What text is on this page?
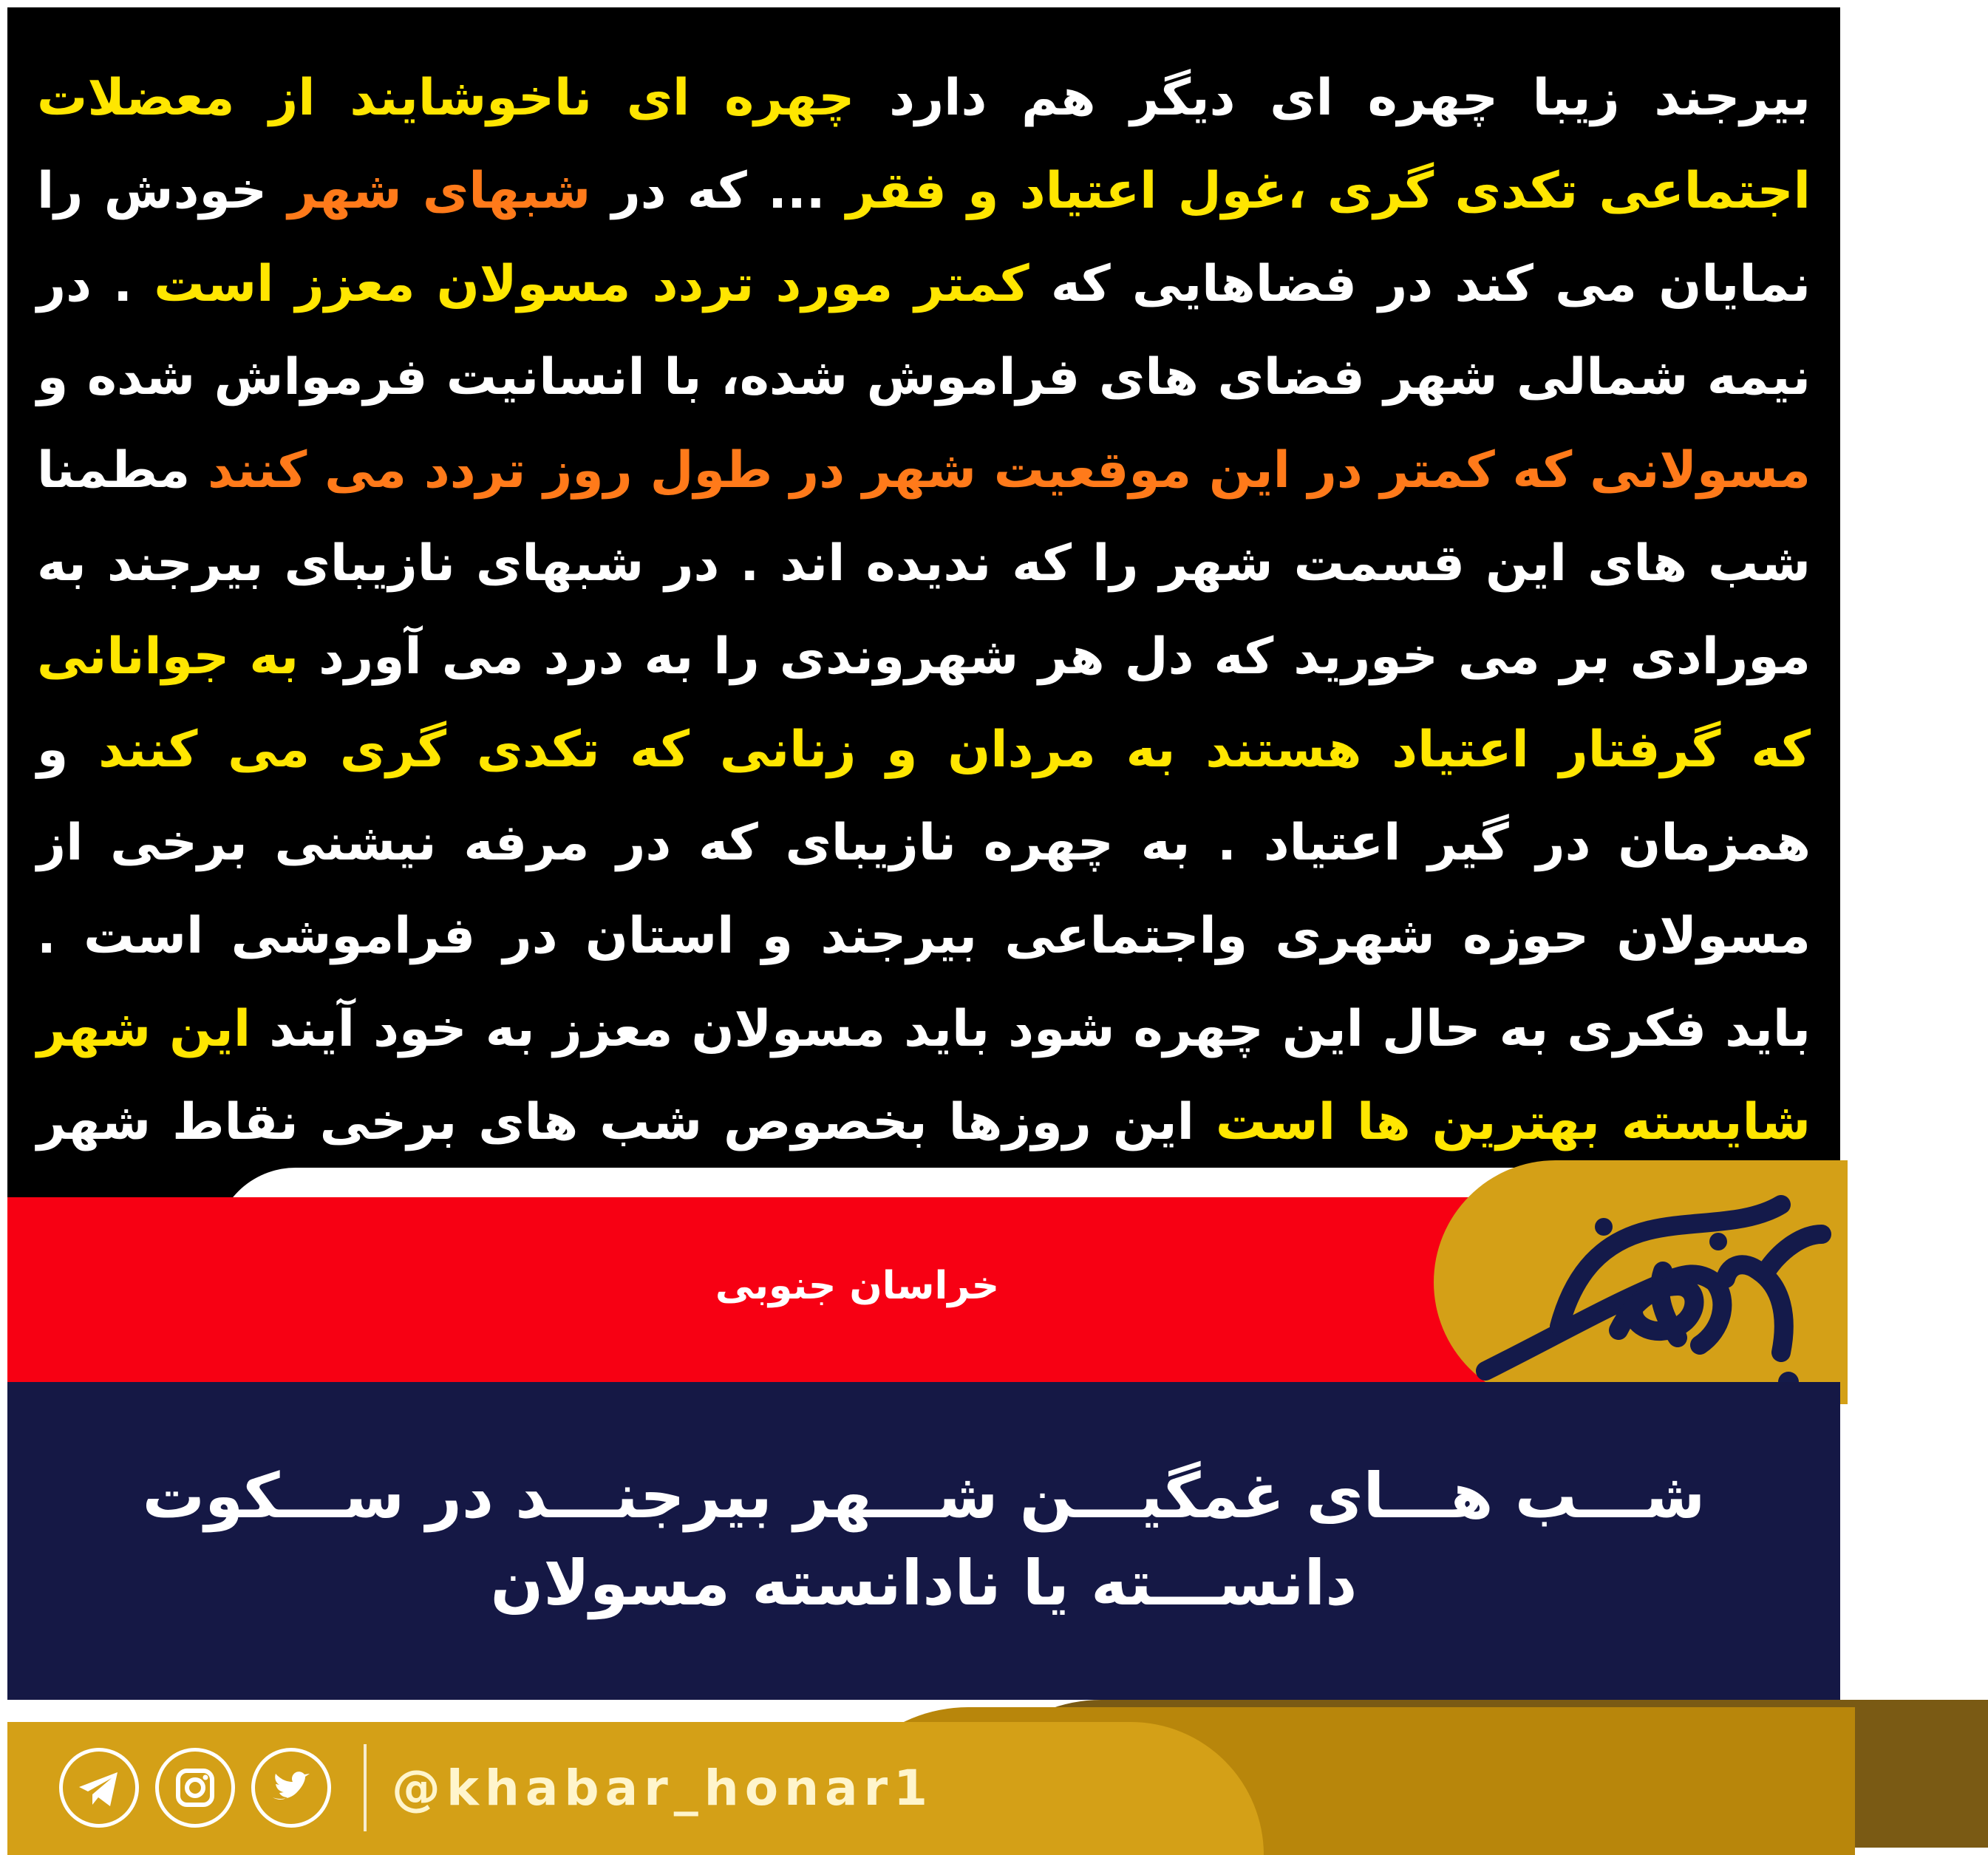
بیرجند زیبا چهره ای دیگر هم دارد چهره ای ناخوشایند از معضلات اجتماعی تکدی گری ،غول اعتیاد و فقر ... که در شبهای شهر خودش را نمایان می کند در فضاهایی که کمتر مورد تردد مسولان معزز است . در نیمه شمالی شهر فضای های فراموش شده، با انسانیت فرمواش شده و مسولانی که کمتر در این موقعیت شهر در طول روز تردد می کنند مطمنا شب های این قسمت شهر را که ندیده اند . در شبهای نازیبای بیرجند به مورادی بر می خورید که دل هر شهروندی را به درد می آورد به جوانانی که گرفتار اعتیاد هستند به مردان و زنانی که تکدی گری می کنند و همزمان در گیر اعتیاد . به چهره نازیبای که در مرفه نیشنی برخی از مسولان حوزه شهری واجتماعی بیرجند و استان در فراموشی است . باید فکری به حال این چهره شود باید مسولان معزز به خود آیند این شهر شایسته بهترین ها است این روزها بخصوص شب های برخی نقاط شهر
خراسان جنوبی
شـــب هـــای غمگیـــن شـــهر بیرجنـــد در ســـکوت دانســـته یا نادانسته مسولان
@khabar_honar1
